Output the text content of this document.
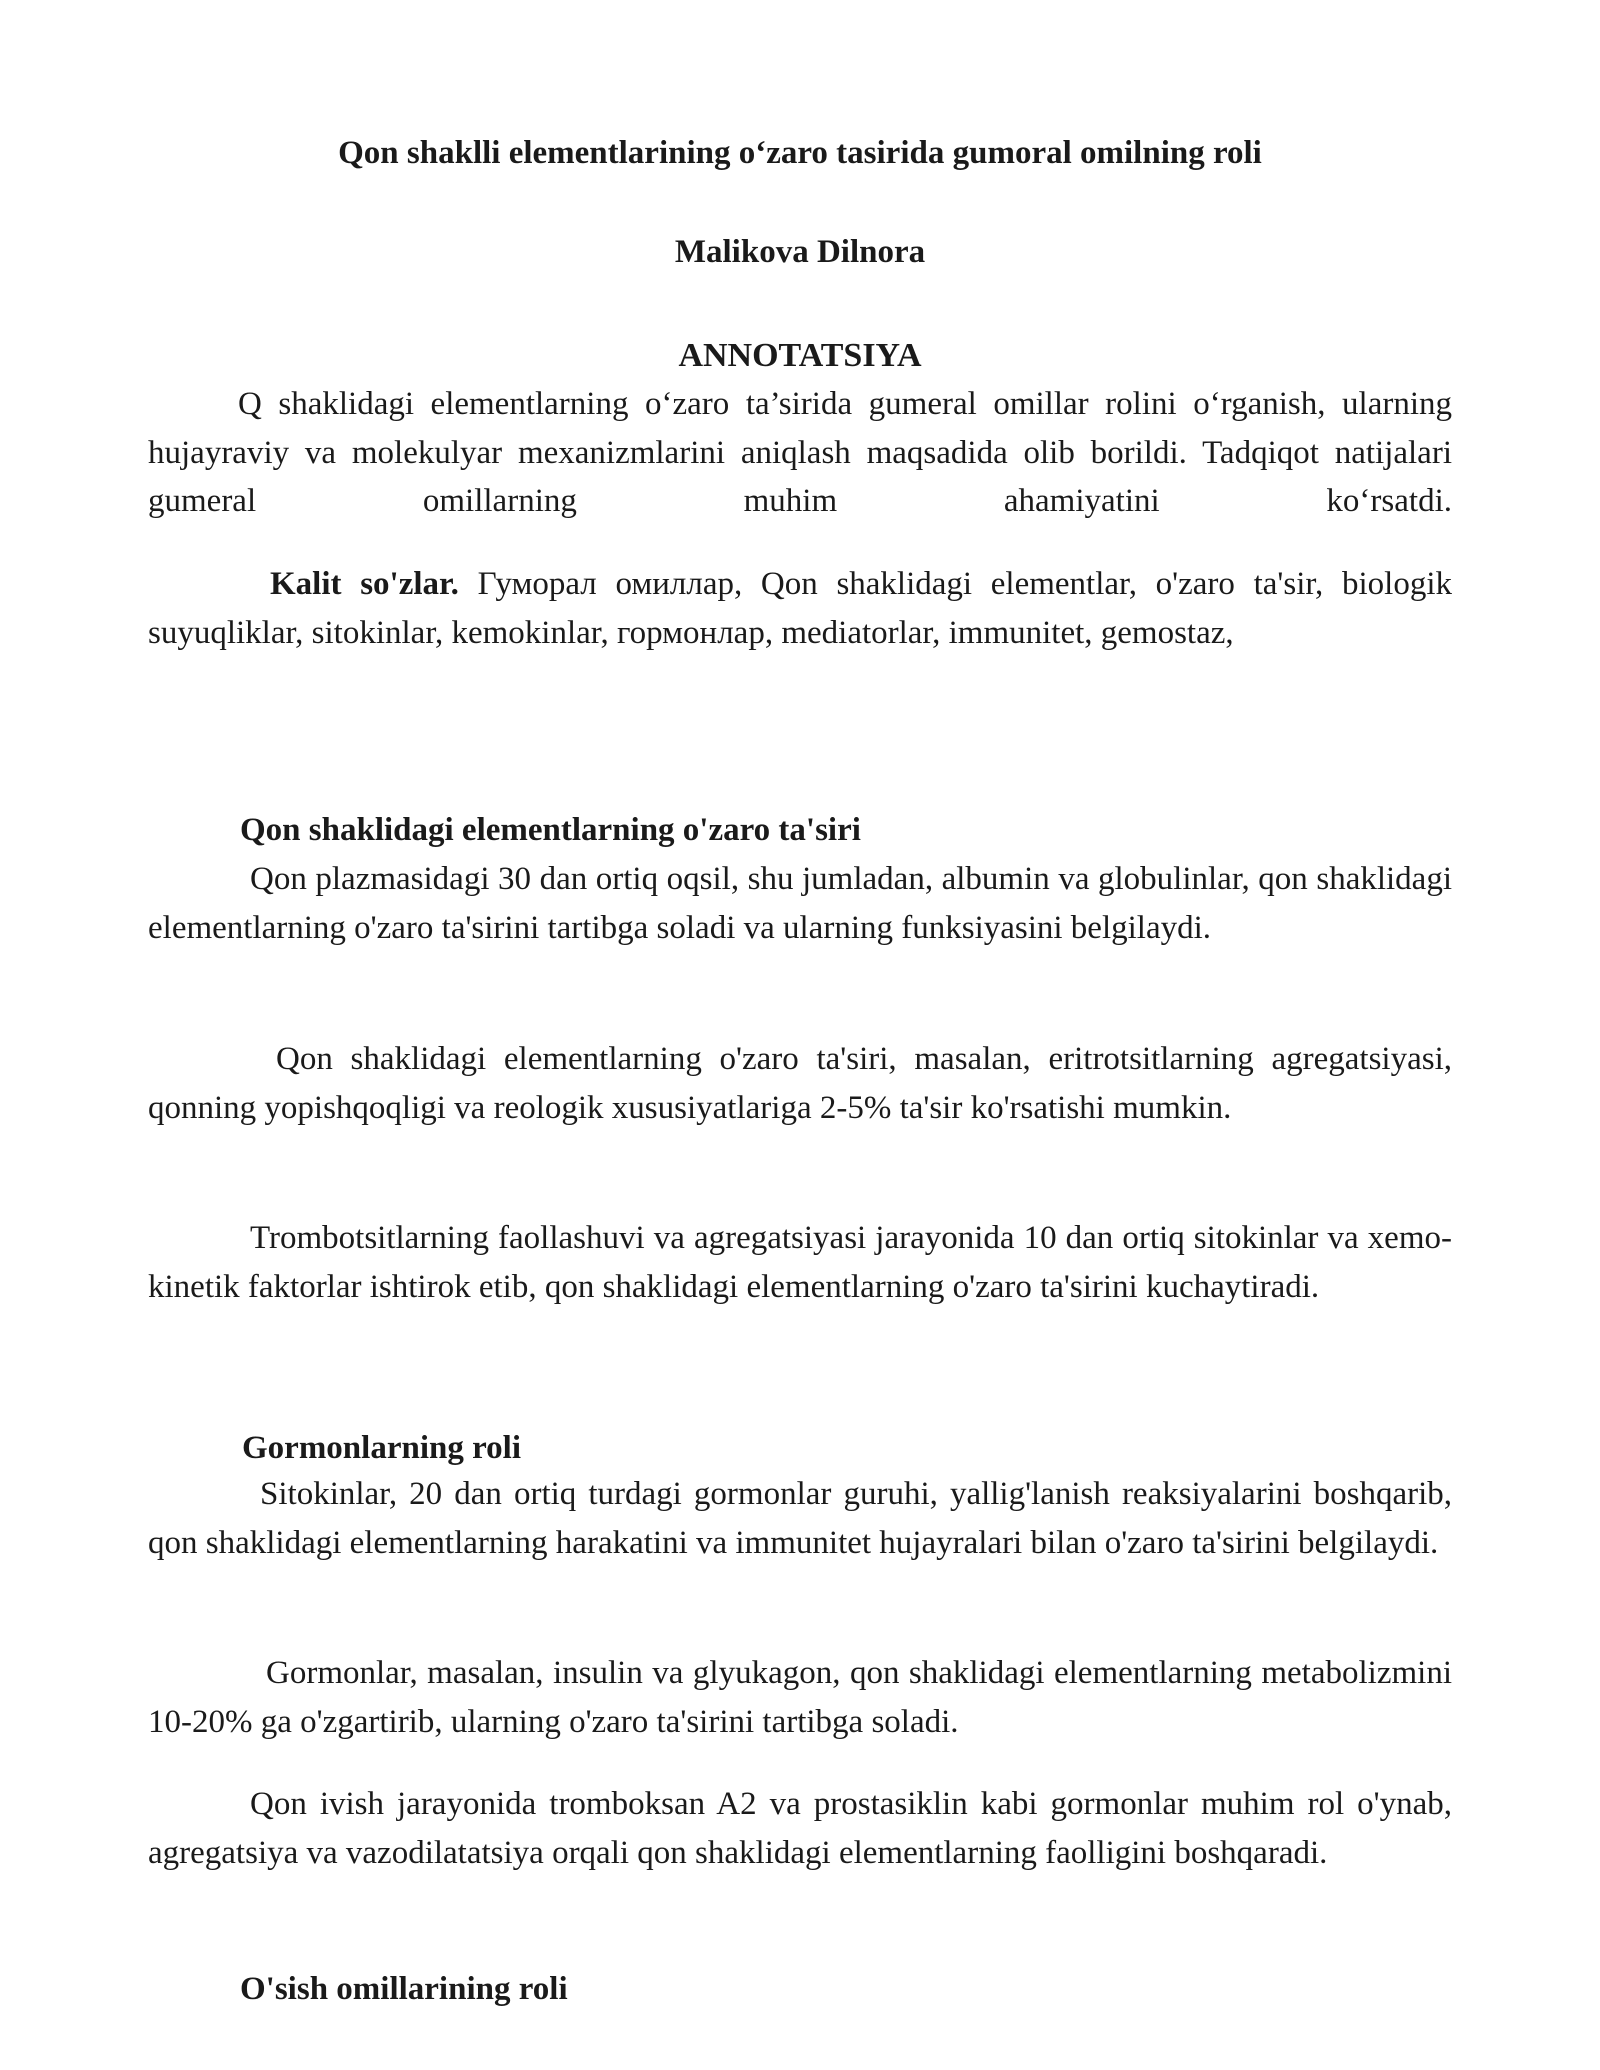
Qon shaklli elementlarining o‘zaro tasirida gumoral omilning roli
Malikova Dilnora
ANNOTATSIYA

Q shaklidagi elementlarning o‘zaro ta’sirida gumeral omillar rolini o‘rganish, ularning hujayraviy va molekulyar mexanizmlarini aniqlash maqsadida olib borildi. Tadqiqot natijalari gumeral omillarning muhim ahamiyatini ko‘rsatdi.

Kalit so'zlar. Гуморал омиллар, Qon shaklidagi elementlar, o'zaro ta'sir, biologik suyuqliklar, sitokinlar, kemokinlar, гормонлар, mediatorlar, immunitet, gemostaz,

Qon shaklidagi elementlarning o'zaro ta'siri

Qon plazmasidagi 30 dan ortiq oqsil, shu jumladan, albumin va globulinlar, qon shaklidagi elementlarning o'zaro ta'sirini tartibga soladi va ularning funksiyasini belgilaydi.

Qon shaklidagi elementlarning o'zaro ta'siri, masalan, eritrotsitlarning agregatsiyasi, qonning yopishqoqligi va reologik xususiyatlariga 2-5% ta'sir ko'rsatishi mumkin.

Trombotsitlarning faollashuvi va agregatsiyasi jarayonida 10 dan ortiq sitokinlar va xemo-kinetik faktorlar ishtirok etib, qon shaklidagi elementlarning o'zaro ta'sirini kuchaytiradi.

Gormonlarning roli

Sitokinlar, 20 dan ortiq turdagi gormonlar guruhi, yallig'lanish reaksiyalarini boshqarib, qon shaklidagi elementlarning harakatini va immunitet hujayralari bilan o'zaro ta'sirini belgilaydi.

Gormonlar, masalan, insulin va glyukagon, qon shaklidagi elementlarning metabolizmini 10-20% ga o'zgartirib, ularning o'zaro ta'sirini tartibga soladi.

Qon ivish jarayonida tromboksan A2 va prostasiklin kabi gormonlar muhim rol o'ynab, agregatsiya va vazodilatatsiya orqali qon shaklidagi elementlarning faolligini boshqaradi.

O'sish omillarining roli
